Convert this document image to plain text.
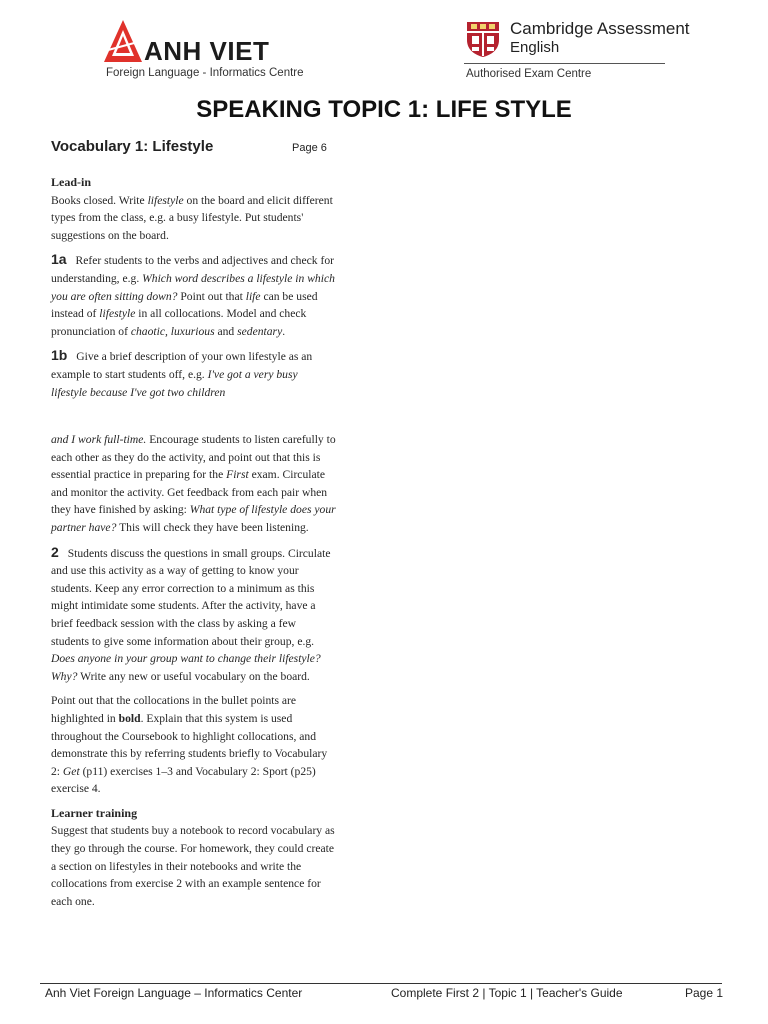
ANH VIET
Foreign Language - Informatics Centre
Cambridge Assessment
English
Authorised Exam Centre
SPEAKING TOPIC 1: LIFE STYLE
Vocabulary 1: Lifestyle	Page 6

Lead-in
Books closed. Write lifestyle on the board and elicit different types from the class, e.g. a busy lifestyle. Put students' suggestions on the board.

1a Refer students to the verbs and adjectives and check for understanding, e.g. Which word describes a lifestyle in which you are often sitting down? Point out that life can be used instead of lifestyle in all collocations. Model and check pronunciation of chaotic, luxurious and sedentary.

1b Give a brief description of your own lifestyle as an example to start students off, e.g. I've got a very busy lifestyle because I've got two children

and I work full-time. Encourage students to listen carefully to each other as they do the activity, and point out that this is essential practice in preparing for the First exam. Circulate and monitor the activity. Get feedback from each pair when they have finished by asking: What type of lifestyle does your partner have? This will check they have been listening.

2 Students discuss the questions in small groups. Circulate and use this activity as a way of getting to know your students. Keep any error correction to a minimum as this might intimidate some students. After the activity, have a brief feedback session with the class by asking a few students to give some information about their group, e.g. Does anyone in your group want to change their lifestyle? Why? Write any new or useful vocabulary on the board.

Point out that the collocations in the bullet points are highlighted in bold. Explain that this system is used throughout the Coursebook to highlight collocations, and demonstrate this by referring students briefly to Vocabulary 2: Get (p11) exercises 1–3 and Vocabulary 2: Sport (p25) exercise 4.

Learner training
Suggest that students buy a notebook to record vocabulary as they go through the course. For homework, they could create a section on lifestyles in their notebooks and write the collocations from exercise 2 with an example sentence for each one.

Anh Viet Foreign Language – Informatics Center	Complete First 2 | Topic 1 | Teacher's Guide	Page 1
